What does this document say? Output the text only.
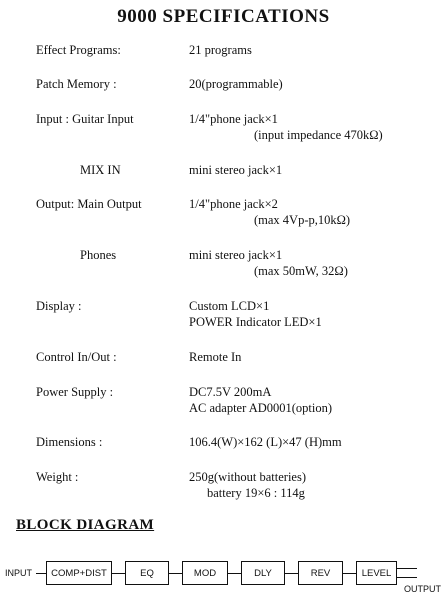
9000 SPECIFICATIONS
Effect Programs:	21 programs
Patch Memory :	20(programmable)
Input : Guitar Input	1/4"phone jack×1
(input impedance 470kΩ)
MIX IN	mini stereo jack×1
Output: Main Output	1/4"phone jack×2
(max 4Vp-p,10kΩ)
Phones	mini stereo jack×1
(max 50mW, 32Ω)
Display :	Custom LCD×1
POWER Indicator LED×1
Control In/Out :	Remote In
Power Supply :	DC7.5V 200mA
AC adapter AD0001(option)
Dimensions :	106.4(W)×162 (L)×47 (H)mm
Weight :	250g(without batteries)
battery 19×6 : 114g
BLOCK DIAGRAM
INPUT	COMP+DIST	EQ	MOD	DLY	REV	LEVEL
OUTPUT
